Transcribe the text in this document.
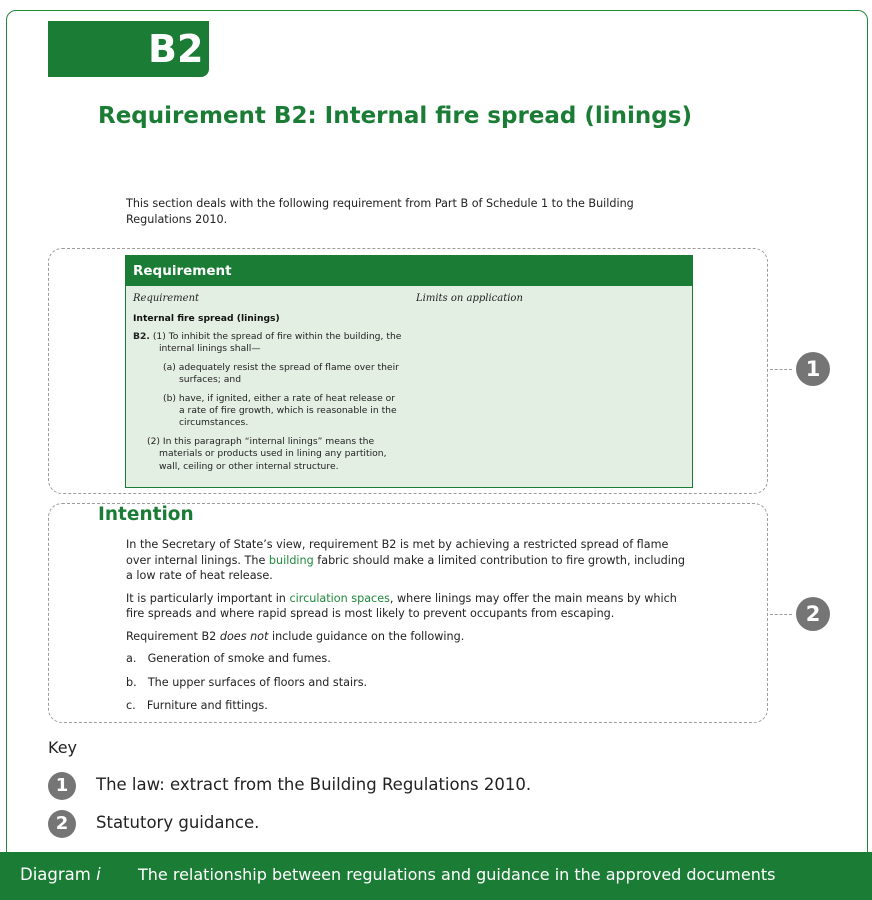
B2
Requirement B2: Internal fire spread (linings)

This section deals with the following requirement from Part B of Schedule 1 to the Building Regulations 2010.

Requirement
Requirement	Limits on application
Internal fire spread (linings)

B2. (1) To inhibit the spread of fire within the building, the internal linings shall—

(a) adequately resist the spread of flame over their surfaces; and

(b) have, if ignited, either a rate of heat release or a rate of fire growth, which is reasonable in the circumstances.

(2) In this paragraph “internal linings” means the materials or products used in lining any partition, wall, ceiling or other internal structure.

Intention

In the Secretary of State’s view, requirement B2 is met by achieving a restricted spread of flame over internal linings. The building fabric should make a limited contribution to fire growth, including a low rate of heat release.

It is particularly important in circulation spaces, where linings may offer the main means by which fire spreads and where rapid spread is most likely to prevent occupants from escaping.

Requirement B2 does not include guidance on the following.

a. Generation of smoke and fumes.

b. The upper surfaces of floors and stairs.

c. Furniture and fittings.

1
2
Key
1	The law: extract from the Building Regulations 2010.
2	Statutory guidance.
Diagram i The relationship between regulations and guidance in the approved documents
